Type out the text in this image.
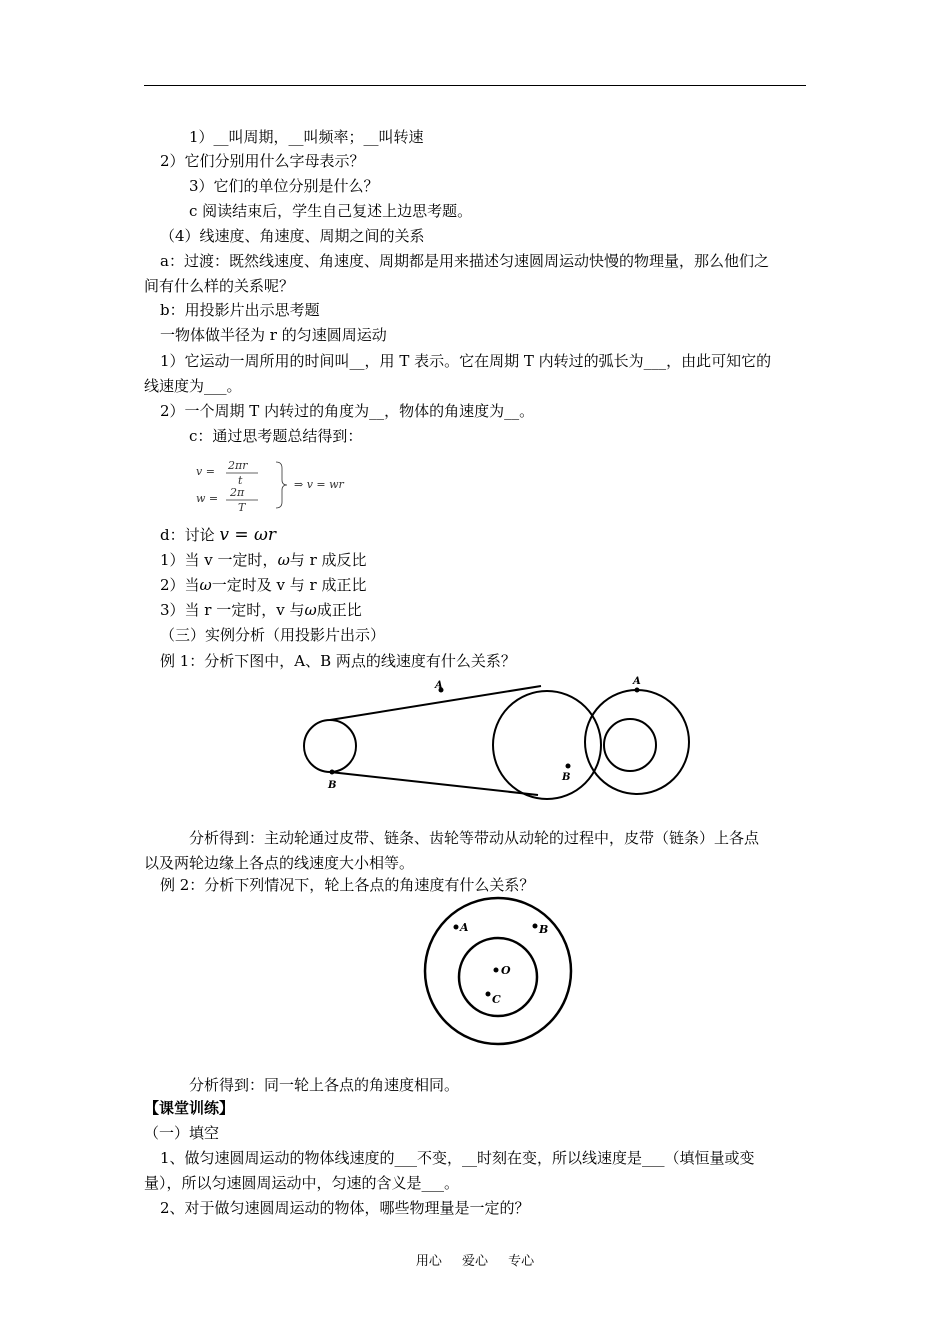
1）__叫周期，__叫频率；__叫转速
2）它们分别用什么字母表示？
3）它们的单位分别是什么？
c 阅读结束后，学生自己复述上边思考题。
（4）线速度、角速度、周期之间的关系
a：过渡：既然线速度、角速度、周期都是用来描述匀速圆周运动快慢的物理量，那么他们之
间有什么样的关系呢？
b：用投影片出示思考题
一物体做半径为 r 的匀速圆周运动
1）它运动一周所用的时间叫__，用 T 表示。它在周期 T 内转过的弧长为___，由此可知它的
线速度为___。
2）一个周期 T 内转过的角度为__，物体的角速度为__。
c：通过思考题总结得到：
v = 2πr
t
w = 2π
T
⇒ v = wr
d：讨论 v = ωr
1）当 v 一定时，ω与 r 成反比
2）当ω一定时及 v 与 r 成正比
3）当 r 一定时，v 与ω成正比
（三）实例分析（用投影片出示）
例 1：分析下图中，A、B 两点的线速度有什么关系？
A
B
A
B
分析得到：主动轮通过皮带、链条、齿轮等带动从动轮的过程中，皮带（链条）上各点
以及两轮边缘上各点的线速度大小相等。
例 2：分析下列情况下，轮上各点的角速度有什么关系？
A	B
O
C
分析得到：同一轮上各点的角速度相同。
【课堂训练】
（一）填空
1、做匀速圆周运动的物体线速度的___不变，__时刻在变，所以线速度是___（填恒量或变
量），所以匀速圆周运动中，匀速的含义是___。
2、对于做匀速圆周运动的物体，哪些物理量是一定的？
用心 爱心 专心
